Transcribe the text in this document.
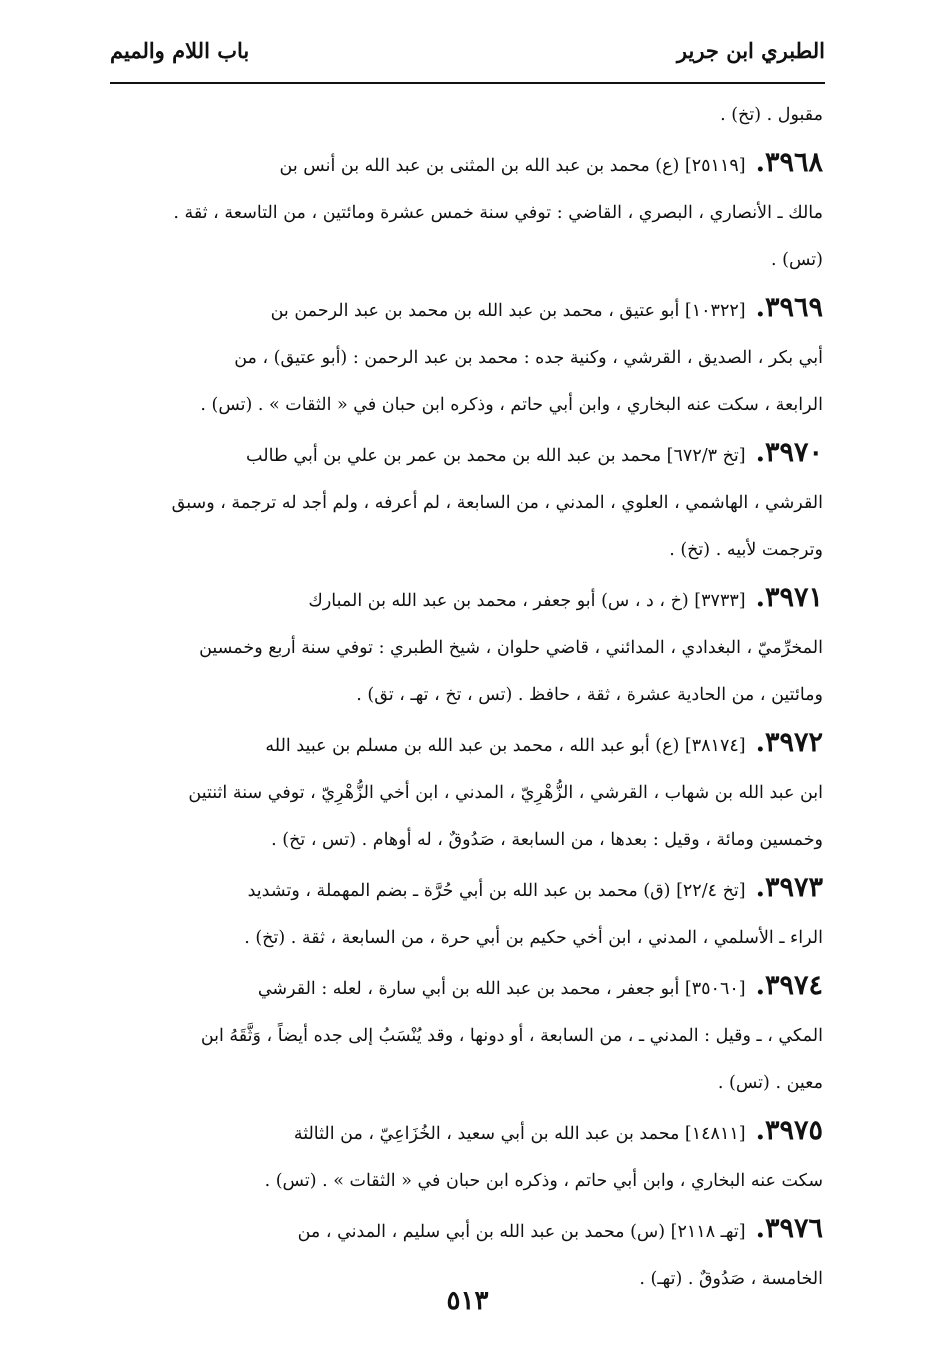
الطبري ابن جرير
باب اللام والميم
مقبول . (تخ) .
٣٩٦٨.[٢٥١١٩] (ع) محمد بن عبد الله بن المثنى بن عبد الله بن أنس بن
مالك ـ الأنصاري ، البصري ، القاضي : توفي سنة خمس عشرة ومائتين ، من التاسعة ، ثقة .
(تس) .
٣٩٦٩.[١٠٣٢٢] أبو عتيق ، محمد بن عبد الله بن محمد بن عبد الرحمن بن
أبي بكر ، الصديق ، القرشي ، وكنية جده : محمد بن عبد الرحمن : (أبو عتيق) ، من
الرابعة ، سكت عنه البخاري ، وابن أبي حاتم ، وذكره ابن حبان في « الثقات » . (تس) .
٣٩٧٠.[تخ ٦٧٢/٣] محمد بن عبد الله بن محمد بن عمر بن علي بن أبي طالب
القرشي ، الهاشمي ، العلوي ، المدني ، من السابعة ، لم أعرفه ، ولم أجد له ترجمة ، وسبق
وترجمت لأبيه . (تخ) .
٣٩٧١.[٣٧٣٣] (خ ، د ، س) أبو جعفر ، محمد بن عبد الله بن المبارك
المخرِّميّ ، البغدادي ، المدائني ، قاضي حلوان ، شيخ الطبري : توفي سنة أربع وخمسين
ومائتين ، من الحادية عشرة ، ثقة ، حافظ . (تس ، تخ ، تهـ ، تق) .
٣٩٧٢.[٣٨١٧٤] (ع) أبو عبد الله ، محمد بن عبد الله بن مسلم بن عبيد الله
ابن عبد الله بن شهاب ، القرشي ، الزُّهْرِيّ ، المدني ، ابن أخي الزُّهْرِيّ ، توفي سنة اثنتين
وخمسين ومائة ، وقيل : بعدها ، من السابعة ، صَدُوقٌ ، له أوهام . (تس ، تخ) .
٣٩٧٣.[تخ ٢٢/٤] (ق) محمد بن عبد الله بن أبي حُرَّة ـ بضم المهملة ، وتشديد
الراء ـ الأسلمي ، المدني ، ابن أخي حكيم بن أبي حرة ، من السابعة ، ثقة . (تخ) .
٣٩٧٤.[٣٥٠٦٠] أبو جعفر ، محمد بن عبد الله بن أبي سارة ، لعله : القرشي
المكي ، ـ وقيل : المدني ـ ، من السابعة ، أو دونها ، وقد يُنْسَبُ إلى جده أيضاً ، وَثَّقَهُ ابن
معين . (تس) .
٣٩٧٥.[١٤٨١١] محمد بن عبد الله بن أبي سعيد ، الخُزَاعِيّ ، من الثالثة
سكت عنه البخاري ، وابن أبي حاتم ، وذكره ابن حبان في « الثقات » . (تس) .
٣٩٧٦.[تهـ ٢١١٨] (س) محمد بن عبد الله بن أبي سليم ، المدني ، من
الخامسة ، صَدُوقٌ . (تهـ) .
٥١٣
